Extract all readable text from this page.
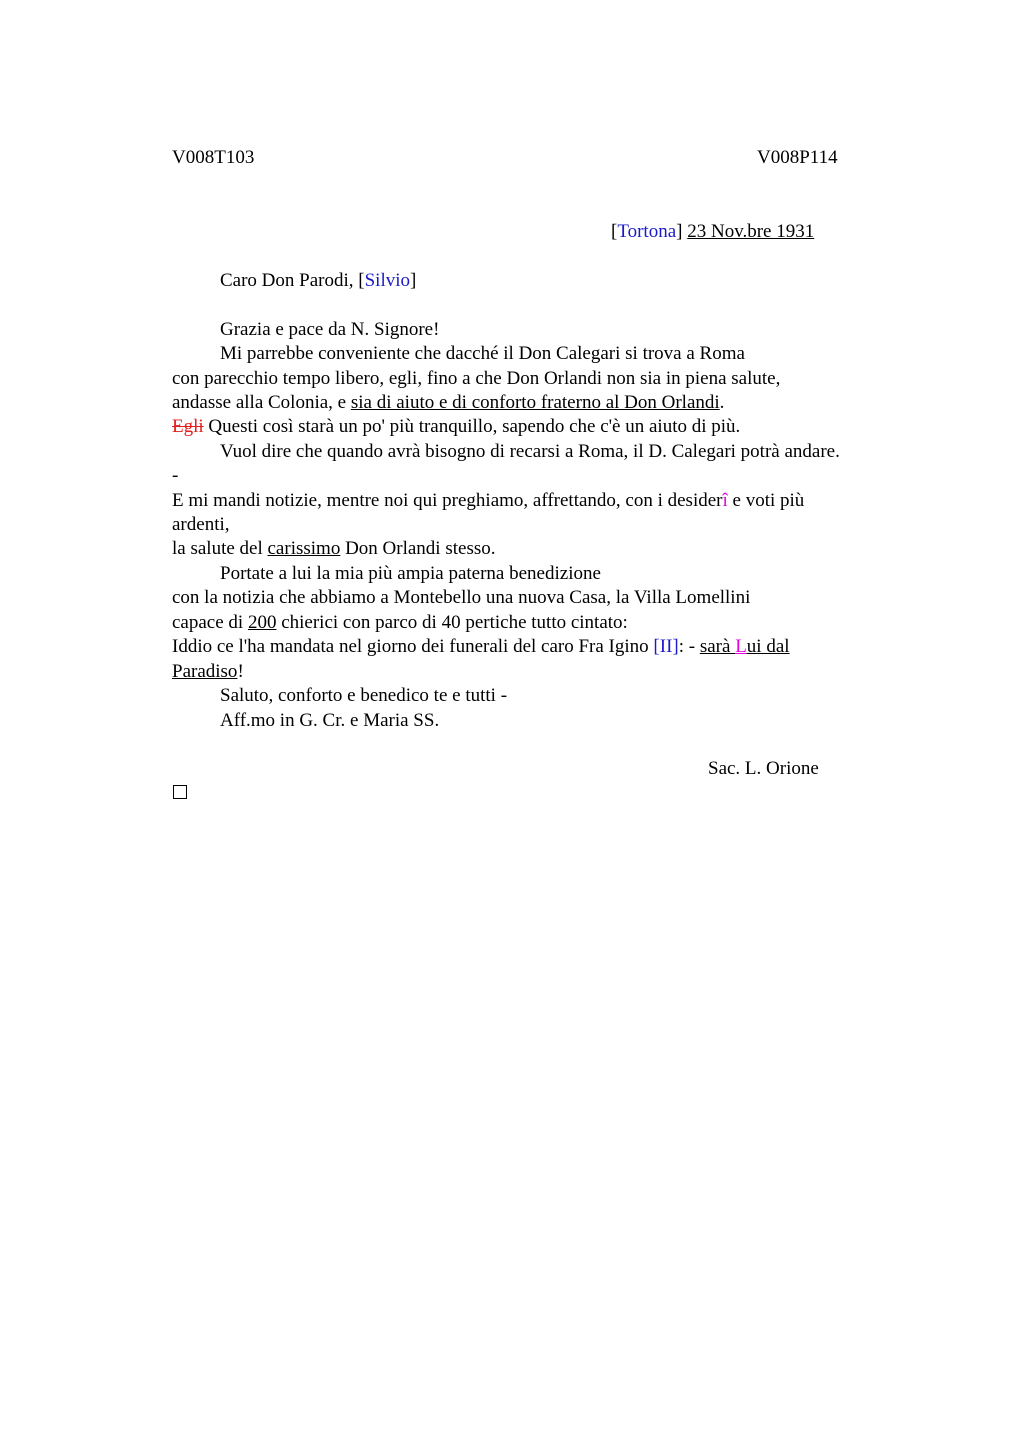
V008T103	V008P114
[Tortona] 23 Nov.bre 1931
Caro Don Parodi, [Silvio]
Grazia e pace da N. Signore!
Mi parrebbe conveniente che dacché il Don Calegari si trova a Roma
con parecchio tempo libero, egli, fino a che Don Orlandi non sia in piena salute,
andasse alla Colonia, e sia di aiuto e di conforto fraterno al Don Orlandi.
Egli Questi così starà un po' più tranquillo, sapendo che c'è un aiuto di più.
Vuol dire che quando avrà bisogno di recarsi a Roma, il D. Calegari potrà andare.
-
E mi mandi notizie, mentre noi qui preghiamo, affrettando, con i desiderî e voti più
ardenti,
la salute del carissimo Don Orlandi stesso.
Portate a lui la mia più ampia paterna benedizione
con la notizia che abbiamo a Montebello una nuova Casa, la Villa Lomellini
capace di 200 chierici con parco di 40 pertiche tutto cintato:
Iddio ce l'ha mandata nel giorno dei funerali del caro Fra Igino [II]: - sarà Lui dal
Paradiso!
Saluto, conforto e benedico te e tutti -
Aff.mo in G. Cr. e Maria SS.
Sac. L. Orione
